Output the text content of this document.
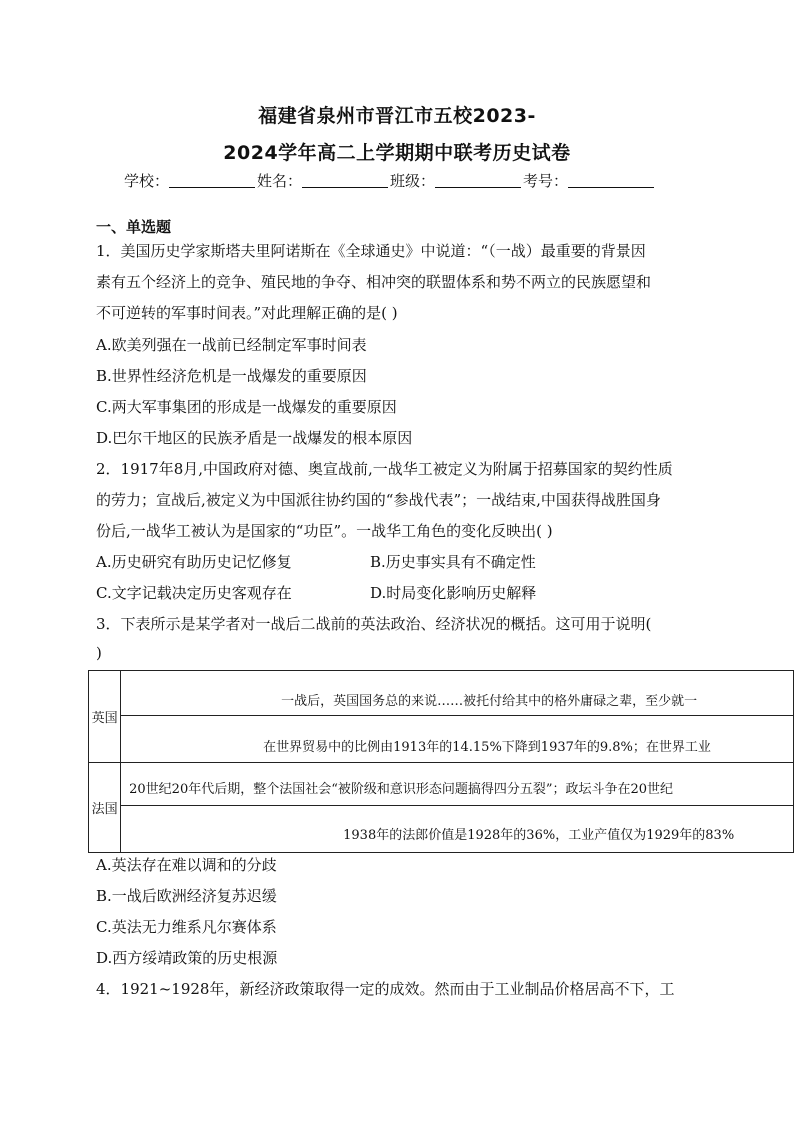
福建省泉州市晋江市五校2023-
2024学年高二上学期期中联考历史试卷
学校：	姓名：	班级：	考号：
一、单选题
1．美国历史学家斯塔夫里阿诺斯在《全球通史》中说道：“（一战）最重要的背景因
素有五个经济上的竞争、殖民地的争夺、相冲突的联盟体系和势不两立的民族愿望和
不可逆转的军事时间表。”对此理解正确的是( )
A.欧美列强在一战前已经制定军事时间表
B.世界性经济危机是一战爆发的重要原因
C.两大军事集团的形成是一战爆发的重要原因
D.巴尔干地区的民族矛盾是一战爆发的根本原因
2．1917年8月,中国政府对德、奥宣战前,一战华工被定义为附属于招募国家的契约性质
的劳力；宣战后,被定义为中国派往协约国的“参战代表”；一战结束,中国获得战胜国身
份后,一战华工被认为是国家的“功臣”。一战华工角色的变化反映出( )
A.历史研究有助历史记忆修复	B.历史事实具有不确定性
C.文字记载决定历史客观存在	D.时局变化影响历史解释
3．下表所示是某学者对一战后二战前的英法政治、经济状况的概括。这可用于说明(
)
英国	一战后，英国国务总的来说……被托付给其中的格外庸碌之辈，至少就一
	在世界贸易中的比例由1913年的14.15%下降到1937年的9.8%；在世界工业
法国	20世纪20年代后期，整个法国社会“被阶级和意识形态问题搞得四分五裂”；政坛斗争在20世纪
	1938年的法郎价值是1928年的36%，工业产值仅为1929年的83%
A.英法存在难以调和的分歧
B.一战后欧洲经济复苏迟缓
C.英法无力维系凡尔赛体系
D.西方绥靖政策的历史根源
4．1921~1928年，新经济政策取得一定的成效。然而由于工业制品价格居高不下，工
